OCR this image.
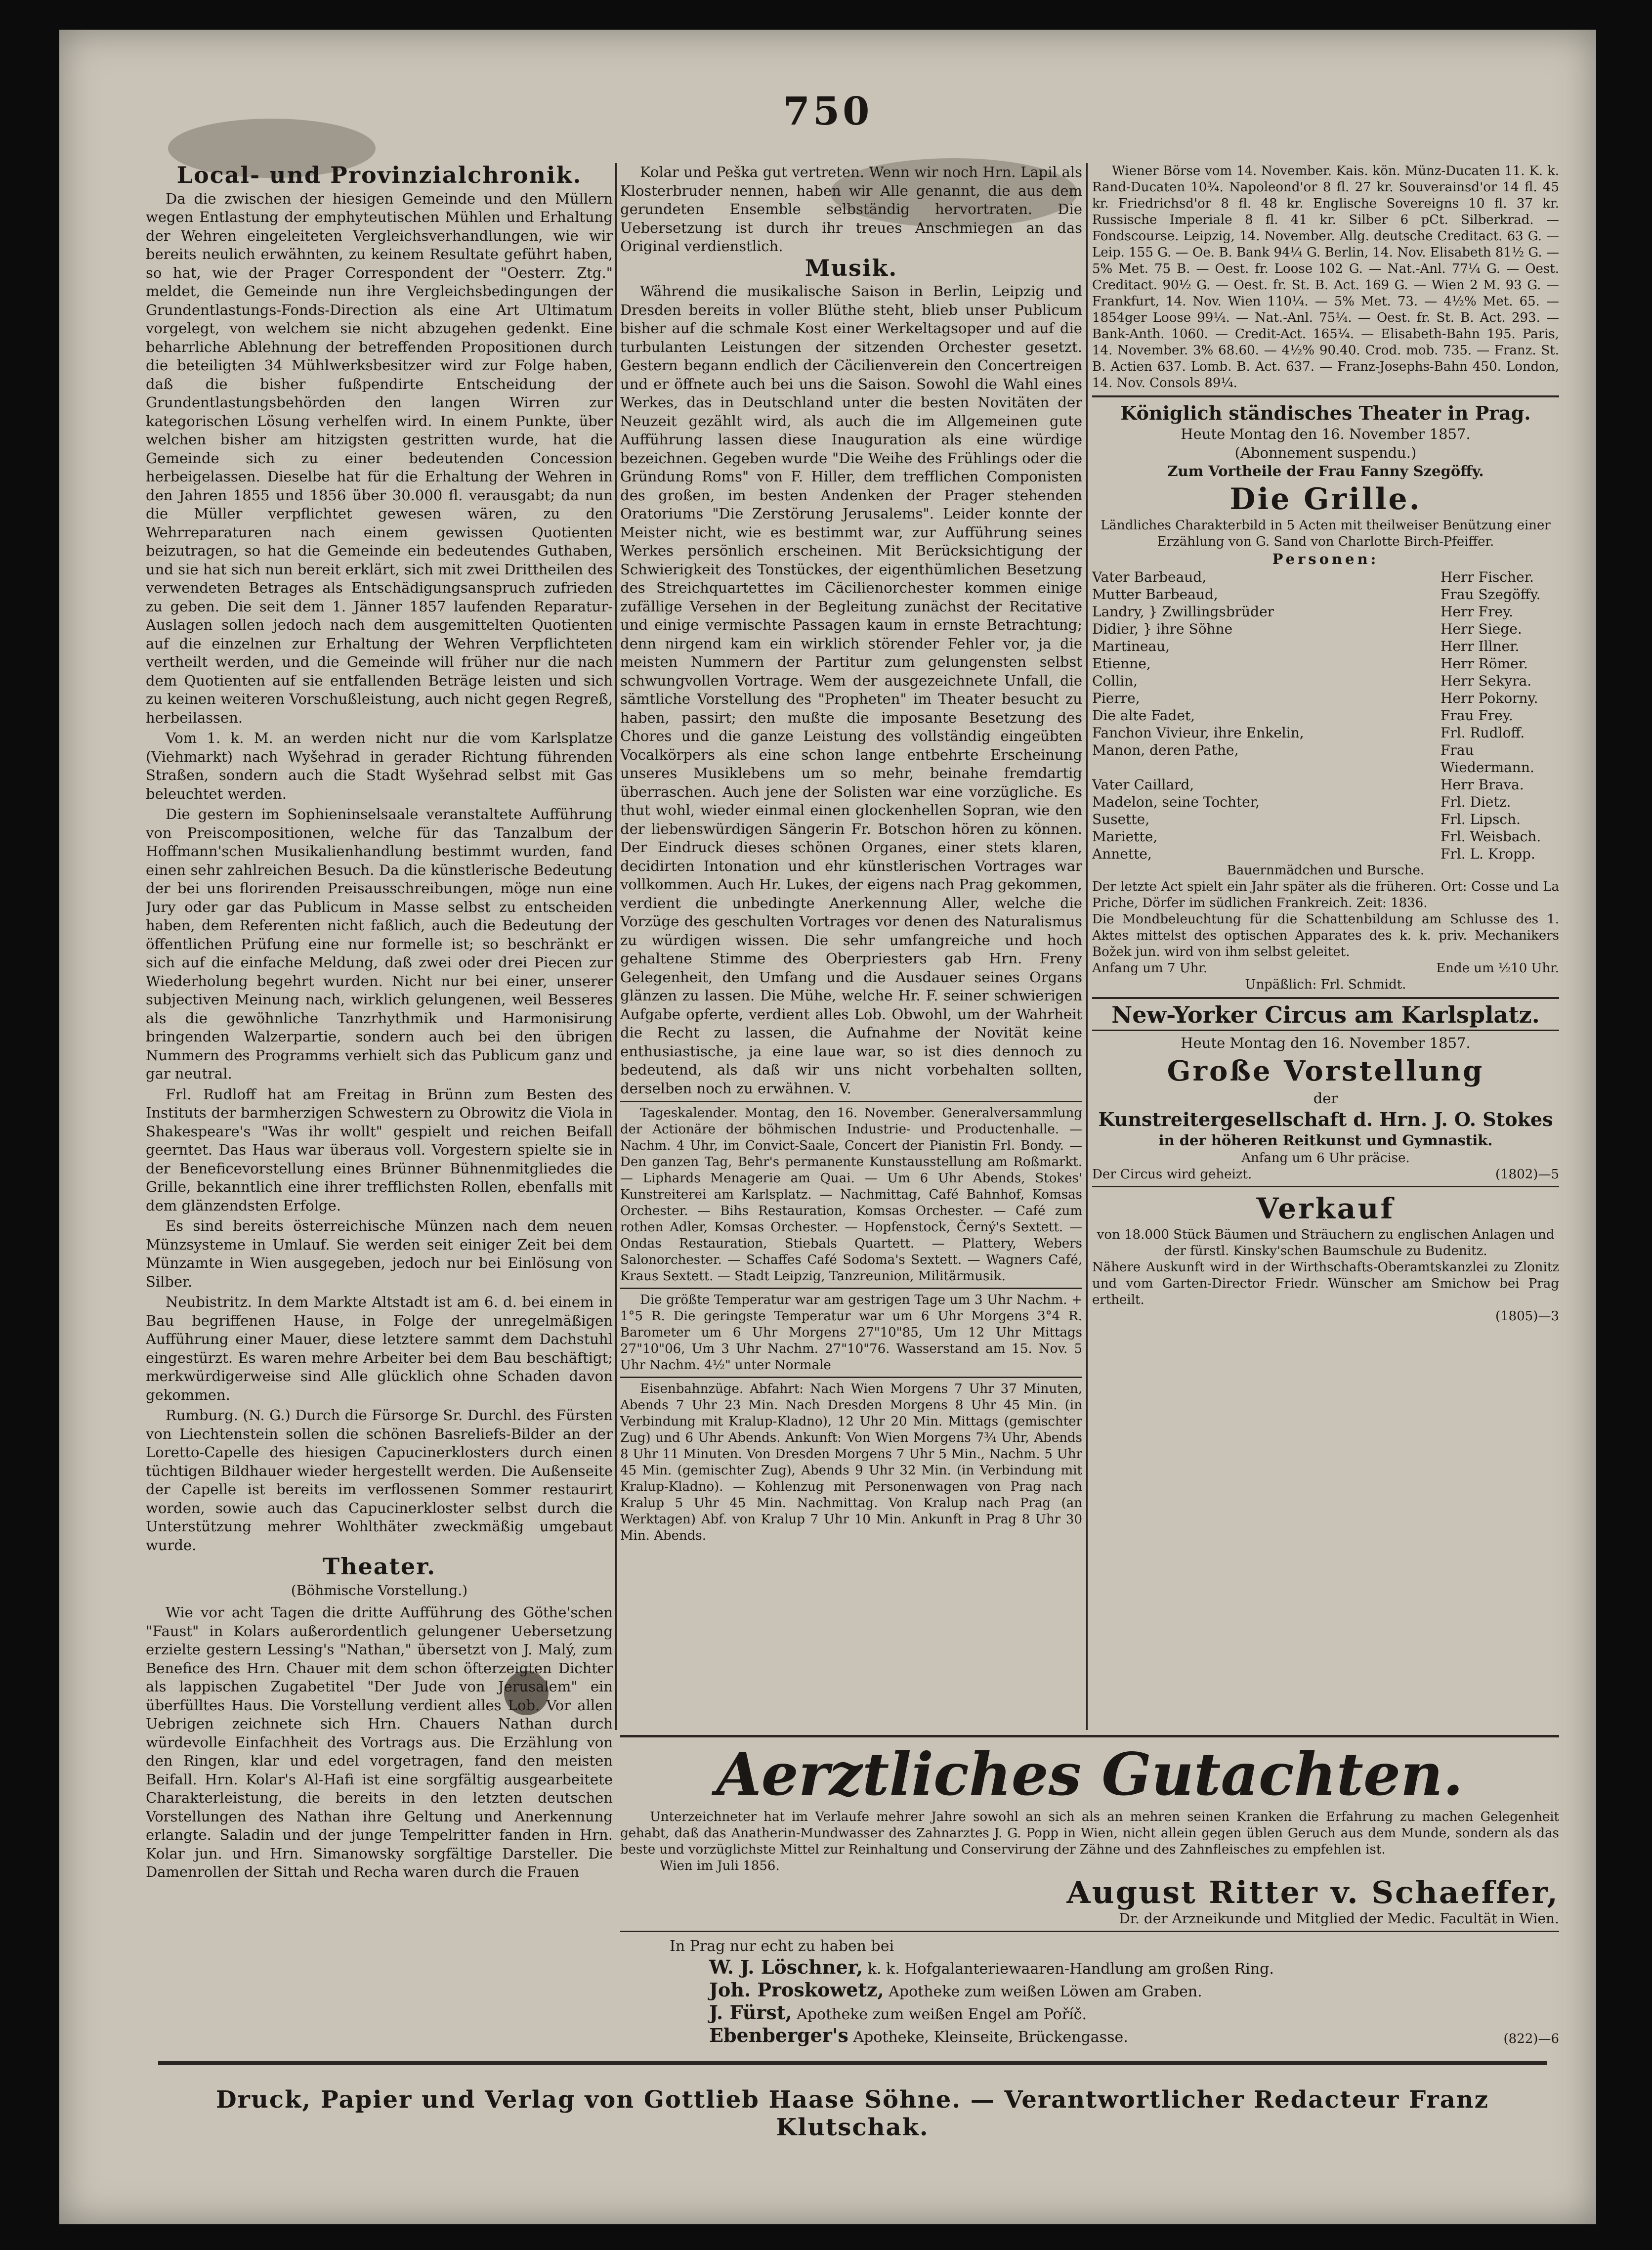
750
Local- und Provinzialchronik.

Da die zwischen der hiesigen Gemeinde und den Müllern wegen Entlastung der emphyteutischen Mühlen und Erhaltung der Wehren eingeleiteten Vergleichsverhandlungen, wie wir bereits neulich erwähnten, zu keinem Resultate geführt haben, so hat, wie der Prager Correspondent der "Oesterr. Ztg." meldet, die Gemeinde nun ihre Vergleichsbedingungen der Grundentlastungs-Fonds-Direction als eine Art Ultimatum vorgelegt, von welchem sie nicht abzugehen gedenkt. Eine beharrliche Ablehnung der betreffenden Propositionen durch die beteiligten 34 Mühlwerksbesitzer wird zur Folge haben, daß die bisher fußpendirte Entscheidung der Grundentlastungsbehörden den langen Wirren zur kategorischen Lösung verhelfen wird. In einem Punkte, über welchen bisher am hitzigsten gestritten wurde, hat die Gemeinde sich zu einer bedeutenden Concession herbeigelassen. Dieselbe hat für die Erhaltung der Wehren in den Jahren 1855 und 1856 über 30.000 fl. verausgabt; da nun die Müller verpflichtet gewesen wären, zu den Wehrreparaturen nach einem gewissen Quotienten beizutragen, so hat die Gemeinde ein bedeutendes Guthaben, und sie hat sich nun bereit erklärt, sich mit zwei Drittheilen des verwendeten Betrages als Entschädigungsanspruch zufrieden zu geben. Die seit dem 1. Jänner 1857 laufenden Reparatur-Auslagen sollen jedoch nach dem ausgemittelten Quotienten auf die einzelnen zur Erhaltung der Wehren Verpflichteten vertheilt werden, und die Gemeinde will früher nur die nach dem Quotienten auf sie entfallenden Beträge leisten und sich zu keinen weiteren Vorschußleistung, auch nicht gegen Regreß, herbeilassen.

Vom 1. k. M. an werden nicht nur die vom Karlsplatze (Viehmarkt) nach Wyšehrad in gerader Richtung führenden Straßen, sondern auch die Stadt Wyšehrad selbst mit Gas beleuchtet werden.

Die gestern im Sophieninselsaale veranstaltete Aufführung von Preiscompositionen, welche für das Tanzalbum der Hoffmann'schen Musikalienhandlung bestimmt wurden, fand einen sehr zahlreichen Besuch. Da die künstlerische Bedeutung der bei uns florirenden Preisausschreibungen, möge nun eine Jury oder gar das Publicum in Masse selbst zu entscheiden haben, dem Referenten nicht faßlich, auch die Bedeutung der öffentlichen Prüfung eine nur formelle ist; so beschränkt er sich auf die einfache Meldung, daß zwei oder drei Piecen zur Wiederholung begehrt wurden. Nicht nur bei einer, unserer subjectiven Meinung nach, wirklich gelungenen, weil Besseres als die gewöhnliche Tanzrhythmik und Harmonisirung bringenden Walzerpartie, sondern auch bei den übrigen Nummern des Programms verhielt sich das Publicum ganz und gar neutral.

Frl. Rudloff hat am Freitag in Brünn zum Besten des Instituts der barmherzigen Schwestern zu Obrowitz die Viola in Shakespeare's "Was ihr wollt" gespielt und reichen Beifall geerntet. Das Haus war überaus voll. Vorgestern spielte sie in der Beneficevorstellung eines Brünner Bühnenmitgliedes die Grille, bekanntlich eine ihrer trefflichsten Rollen, ebenfalls mit dem glänzendsten Erfolge.

Es sind bereits österreichische Münzen nach dem neuen Münzsysteme in Umlauf. Sie werden seit einiger Zeit bei dem Münzamte in Wien ausgegeben, jedoch nur bei Einlösung von Silber.

Neubistritz. In dem Markte Altstadt ist am 6. d. bei einem in Bau begriffenen Hause, in Folge der unregelmäßigen Aufführung einer Mauer, diese letztere sammt dem Dachstuhl eingestürzt. Es waren mehre Arbeiter bei dem Bau beschäftigt; merkwürdigerweise sind Alle glücklich ohne Schaden davon gekommen.

Rumburg. (N. G.) Durch die Fürsorge Sr. Durchl. des Fürsten von Liechtenstein sollen die schönen Basreliefs-Bilder an der Loretto-Capelle des hiesigen Capucinerklosters durch einen tüchtigen Bildhauer wieder hergestellt werden. Die Außenseite der Capelle ist bereits im verflossenen Sommer restaurirt worden, sowie auch das Capucinerkloster selbst durch die Unterstützung mehrer Wohlthäter zweckmäßig umgebaut wurde.

Theater.
(Böhmische Vorstellung.)

Wie vor acht Tagen die dritte Aufführung des Göthe'schen "Faust" in Kolars außerordentlich gelungener Uebersetzung erzielte gestern Lessing's "Nathan," übersetzt von J. Malý, zum Benefice des Hrn. Chauer mit dem schon öfterzeigten Dichter als lappischen Zugabetitel "Der Jude von Jerusalem" ein überfülltes Haus. Die Vorstellung verdient alles Lob. Vor allen Uebrigen zeichnete sich Hrn. Chauers Nathan durch würdevolle Einfachheit des Vortrags aus. Die Erzählung von den Ringen, klar und edel vorgetragen, fand den meisten Beifall. Hrn. Kolar's Al-Hafi ist eine sorgfältig ausgearbeitete Charakterleistung, die bereits in den letzten deutschen Vorstellungen des Nathan ihre Geltung und Anerkennung erlangte. Saladin und der junge Tempelritter fanden in Hrn. Kolar jun. und Hrn. Simanowsky sorgfältige Darsteller. Die Damenrollen der Sittah und Recha waren durch die Frauen

Kolar und Peška gut vertreten. Wenn wir noch Hrn. Lapil als Klosterbruder nennen, haben wir Alle genannt, die aus dem gerundeten Ensemble selbständig hervortraten. Die Uebersetzung ist durch ihr treues Anschmiegen an das Original verdienstlich.

Musik.

Während die musikalische Saison in Berlin, Leipzig und Dresden bereits in voller Blüthe steht, blieb unser Publicum bisher auf die schmale Kost einer Werkeltagsoper und auf die turbulanten Leistungen der sitzenden Orchester gesetzt. Gestern begann endlich der Cäcilienverein den Concertreigen und er öffnete auch bei uns die Saison. Sowohl die Wahl eines Werkes, das in Deutschland unter die besten Novitäten der Neuzeit gezählt wird, als auch die im Allgemeinen gute Aufführung lassen diese Inauguration als eine würdige bezeichnen. Gegeben wurde "Die Weihe des Frühlings oder die Gründung Roms" von F. Hiller, dem trefflichen Componisten des großen, im besten Andenken der Prager stehenden Oratoriums "Die Zerstörung Jerusalems". Leider konnte der Meister nicht, wie es bestimmt war, zur Aufführung seines Werkes persönlich erscheinen. Mit Berücksichtigung der Schwierigkeit des Tonstückes, der eigenthümlichen Besetzung des Streichquartettes im Cäcilienorchester kommen einige zufällige Versehen in der Begleitung zunächst der Recitative und einige vermischte Passagen kaum in ernste Betrachtung; denn nirgend kam ein wirklich störender Fehler vor, ja die meisten Nummern der Partitur zum gelungensten selbst schwungvollen Vortrage. Wem der ausgezeichnete Unfall, die sämtliche Vorstellung des "Propheten" im Theater besucht zu haben, passirt; den mußte die imposante Besetzung des Chores und die ganze Leistung des vollständig eingeübten Vocalkörpers als eine schon lange entbehrte Erscheinung unseres Musiklebens um so mehr, beinahe fremdartig überraschen. Auch jene der Solisten war eine vorzügliche. Es thut wohl, wieder einmal einen glockenhellen Sopran, wie den der liebenswürdigen Sängerin Fr. Botschon hören zu können. Der Eindruck dieses schönen Organes, einer stets klaren, decidirten Intonation und ehr künstlerischen Vortrages war vollkommen. Auch Hr. Lukes, der eigens nach Prag gekommen, verdient die unbedingte Anerkennung Aller, welche die Vorzüge des geschulten Vortrages vor denen des Naturalismus zu würdigen wissen. Die sehr umfangreiche und hoch gehaltene Stimme des Oberpriesters gab Hrn. Freny Gelegenheit, den Umfang und die Ausdauer seines Organs glänzen zu lassen. Die Mühe, welche Hr. F. seiner schwierigen Aufgabe opferte, verdient alles Lob. Obwohl, um der Wahrheit die Recht zu lassen, die Aufnahme der Novität keine enthusiastische, ja eine laue war, so ist dies dennoch zu bedeutend, als daß wir uns nicht vorbehalten sollten, derselben noch zu erwähnen. V.

Tageskalender. Montag, den 16. November. Generalversammlung der Actionäre der böhmischen Industrie- und Productenhalle. — Nachm. 4 Uhr, im Convict-Saale, Concert der Pianistin Frl. Bondy. — Den ganzen Tag, Behr's permanente Kunstausstellung am Roßmarkt. — Liphards Menagerie am Quai. — Um 6 Uhr Abends, Stokes' Kunstreiterei am Karlsplatz. — Nachmittag, Café Bahnhof, Komsas Orchester. — Bihs Restauration, Komsas Orchester. — Café zum rothen Adler, Komsas Orchester. — Hopfenstock, Černý's Sextett. — Ondas Restauration, Stiebals Quartett. — Plattery, Webers Salonorchester. — Schaffes Café Sodoma's Sextett. — Wagners Café, Kraus Sextett. — Stadt Leipzig, Tanzreunion, Militärmusik.

Die größte Temperatur war am gestrigen Tage um 3 Uhr Nachm. + 1°5 R. Die geringste Temperatur war um 6 Uhr Morgens 3°4 R. Barometer um 6 Uhr Morgens 27"10"85, Um 12 Uhr Mittags 27"10"06, Um 3 Uhr Nachm. 27"10"76. Wasserstand am 15. Nov. 5 Uhr Nachm. 4½" unter Normale

Eisenbahnzüge. Abfahrt: Nach Wien Morgens 7 Uhr 37 Minuten, Abends 7 Uhr 23 Min. Nach Dresden Morgens 8 Uhr 45 Min. (in Verbindung mit Kralup-Kladno), 12 Uhr 20 Min. Mittags (gemischter Zug) und 6 Uhr Abends. Ankunft: Von Wien Morgens 7¾ Uhr, Abends 8 Uhr 11 Minuten. Von Dresden Morgens 7 Uhr 5 Min., Nachm. 5 Uhr 45 Min. (gemischter Zug), Abends 9 Uhr 32 Min. (in Verbindung mit Kralup-Kladno). — Kohlenzug mit Personenwagen von Prag nach Kralup 5 Uhr 45 Min. Nachmittag. Von Kralup nach Prag (an Werktagen) Abf. von Kralup 7 Uhr 10 Min. Ankunft in Prag 8 Uhr 30 Min. Abends.

Wiener Börse vom 14. November. Kais. kön. Münz-Ducaten 11. K. k. Rand-Ducaten 10¾. Napoleond'or 8 fl. 27 kr. Souverainsd'or 14 fl. 45 kr. Friedrichsd'or 8 fl. 48 kr. Englische Sovereigns 10 fl. 37 kr. Russische Imperiale 8 fl. 41 kr. Silber 6 pCt. Silberkrad. — Fondscourse. Leipzig, 14. November. Allg. deutsche Creditact. 63 G. — Leip. 155 G. — Oe. B. Bank 94¼ G. Berlin, 14. Nov. Elisabeth 81½ G. — 5% Met. 75 B. — Oest. fr. Loose 102 G. — Nat.-Anl. 77¼ G. — Oest. Creditact. 90½ G. — Oest. fr. St. B. Act. 169 G. — Wien 2 M. 93 G. — Frankfurt, 14. Nov. Wien 110¼. — 5% Met. 73. — 4½% Met. 65. — 1854ger Loose 99¼. — Nat.-Anl. 75¼. — Oest. fr. St. B. Act. 293. — Bank-Anth. 1060. — Credit-Act. 165¼. — Elisabeth-Bahn 195. Paris, 14. November. 3% 68.60. — 4½% 90.40. Crod. mob. 735. — Franz. St. B. Actien 637. Lomb. B. Act. 637. — Franz-Josephs-Bahn 450. London, 14. Nov. Consols 89¼.

Königlich ständisches Theater in Prag.
Heute Montag den 16. November 1857.
(Abonnement suspendu.)
Zum Vortheile der Frau Fanny Szegöffy.
Die Grille.
Ländliches Charakterbild in 5 Acten mit theilweiser Benützung einer Erzählung von G. Sand von Charlotte Birch-Pfeiffer.
Personen:
Vater Barbeaud,	Herr Fischer.
Mutter Barbeaud,	Frau Szegöffy.
Landry, } Zwillingsbrüder	Herr Frey.
Didier, } ihre Söhne	Herr Siege.
Martineau,	Herr Illner.
Etienne,	Herr Römer.
Collin,	Herr Sekyra.
Pierre,	Herr Pokorny.
Die alte Fadet,	Frau Frey.
Fanchon Vivieur, ihre Enkelin,	Frl. Rudloff.
Manon, deren Pathe,	Frau Wiedermann.
Vater Caillard,	Herr Brava.
Madelon, seine Tochter,	Frl. Dietz.
Susette,	Frl. Lipsch.
Mariette,	Frl. Weisbach.
Annette,	Frl. L. Kropp.
Bauernmädchen und Bursche.
Der letzte Act spielt ein Jahr später als die früheren. Ort: Cosse und La Priche, Dörfer im südlichen Frankreich. Zeit: 1836.
Die Mondbeleuchtung für die Schattenbildung am Schlusse des 1. Aktes mittelst des optischen Apparates des k. k. priv. Mechanikers Božek jun. wird von ihm selbst geleitet.
Anfang um 7 Uhr.	Ende um ½10 Uhr.
Unpäßlich: Frl. Schmidt.
New-Yorker Circus am Karlsplatz.
Heute Montag den 16. November 1857.
Große Vorstellung
der
Kunstreitergesellschaft d. Hrn. J. O. Stokes
in der höheren Reitkunst und Gymnastik.
Anfang um 6 Uhr präcise.
Der Circus wird geheizt.	(1802)—5
Verkauf
von 18.000 Stück Bäumen und Sträuchern zu englischen Anlagen und der fürstl. Kinsky'schen Baumschule zu Budenitz.
Nähere Auskunft wird in der Wirthschafts-Oberamtskanzlei zu Zlonitz und vom Garten-Director Friedr. Wünscher am Smichow bei Prag ertheilt.
(1805)—3
Aerztliches Gutachten.
Unterzeichneter hat im Verlaufe mehrer Jahre sowohl an sich als an mehren seinen Kranken die Erfahrung zu machen Gelegenheit gehabt, daß das Anatherin-Mundwasser des Zahnarztes J. G. Popp in Wien, nicht allein gegen üblen Geruch aus dem Munde, sondern als das beste und vorzüglichste Mittel zur Reinhaltung und Conservirung der Zähne und des Zahnfleisches zu empfehlen ist.
Wien im Juli 1856.
August Ritter v. Schaeffer,
Dr. der Arzneikunde und Mitglied der Medic. Facultät in Wien.
In Prag nur echt zu haben bei
W. J. Löschner, k. k. Hofgalanteriewaaren-Handlung am großen Ring.
Joh. Proskowetz, Apotheke zum weißen Löwen am Graben.
J. Fürst, Apotheke zum weißen Engel am Poříč.
Ebenberger's Apotheke, Kleinseite, Brückengasse.	(822)—6
Druck, Papier und Verlag von Gottlieb Haase Söhne. — Verantwortlicher Redacteur Franz Klutschak.
